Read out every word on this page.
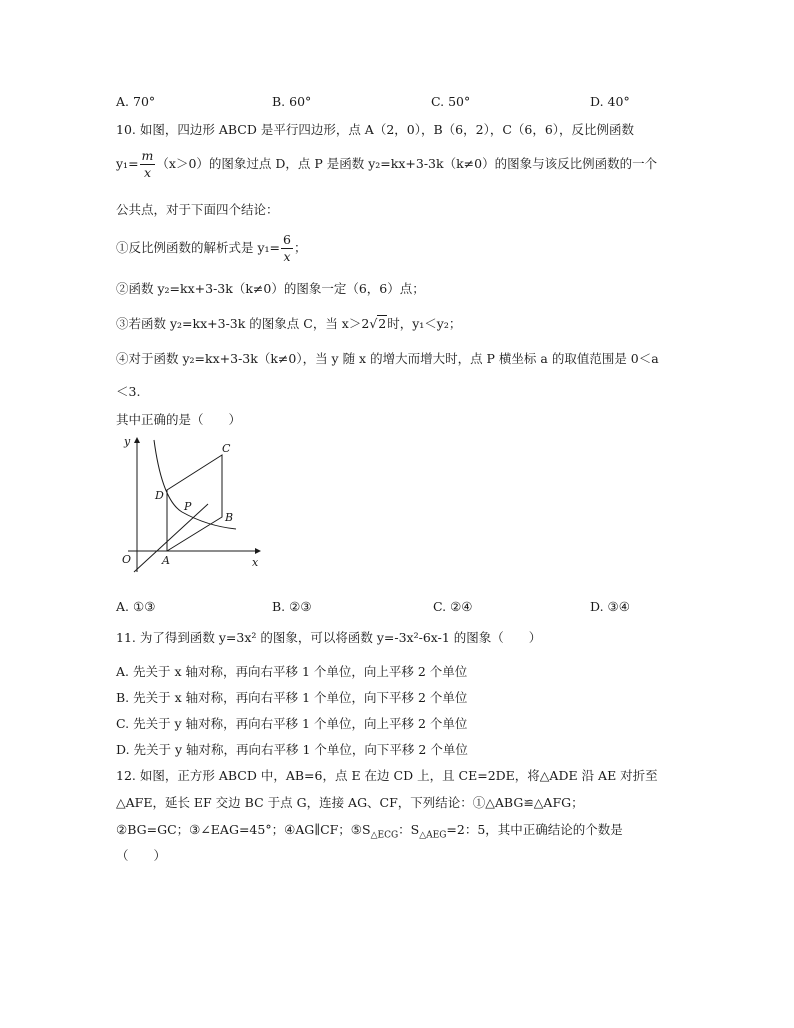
A. 70°	B. 60°	C. 50°	D. 40°
10. 如图，四边形 ABCD 是平行四边形，点 A（2，0），B（6，2），C（6，6），反比例函数
$y_1= \frac{m}{x} (x>0)$的图象过点 D，点 P 是函数 y₂=kx+3-3k（k≠0）的图象与该反比例函数的一个
公共点，对于下面四个结论：
①反比例函数的解析式是 $y_1= \frac{6}{x}$ ；
②函数 y₂=kx+3-3k（k≠0）的图象一定（6，6）点；
③若函数 y₂=kx+3-3k 的图象点 C，当 x＞2√2时，y₁＜y₂；
④对于函数 y₂=kx+3-3k（k≠0），当 y 随 x 的增大而增大时，点 P 横坐标 a 的取值范围是 0＜a
＜3.
其中正确的是（　　）
y
x
O	A
B
C
D
P
A. ①③	B. ②③	C. ②④	D. ③④
11. 为了得到函数 y=3x² 的图象，可以将函数 y=-3x²-6x-1 的图象（　　）
A. 先关于 x 轴对称，再向右平移 1 个单位，向上平移 2 个单位
B. 先关于 x 轴对称，再向右平移 1 个单位，向下平移 2 个单位
C. 先关于 y 轴对称，再向右平移 1 个单位，向上平移 2 个单位
D. 先关于 y 轴对称，再向右平移 1 个单位，向下平移 2 个单位
12. 如图，正方形 ABCD 中，AB=6，点 E 在边 CD 上，且 CE=2DE，将△ADE 沿 AE 对折至
△AFE，延长 EF 交边 BC 于点 G，连接 AG、CF，下列结论：①△ABG≌△AFG；
②BG=GC；③∠EAG=45°；④AG∥CF；$⑤S_{\triangle ECG}$：$S_{\triangle AEG}=2$：5，其中正确结论的个数是
（　　）
